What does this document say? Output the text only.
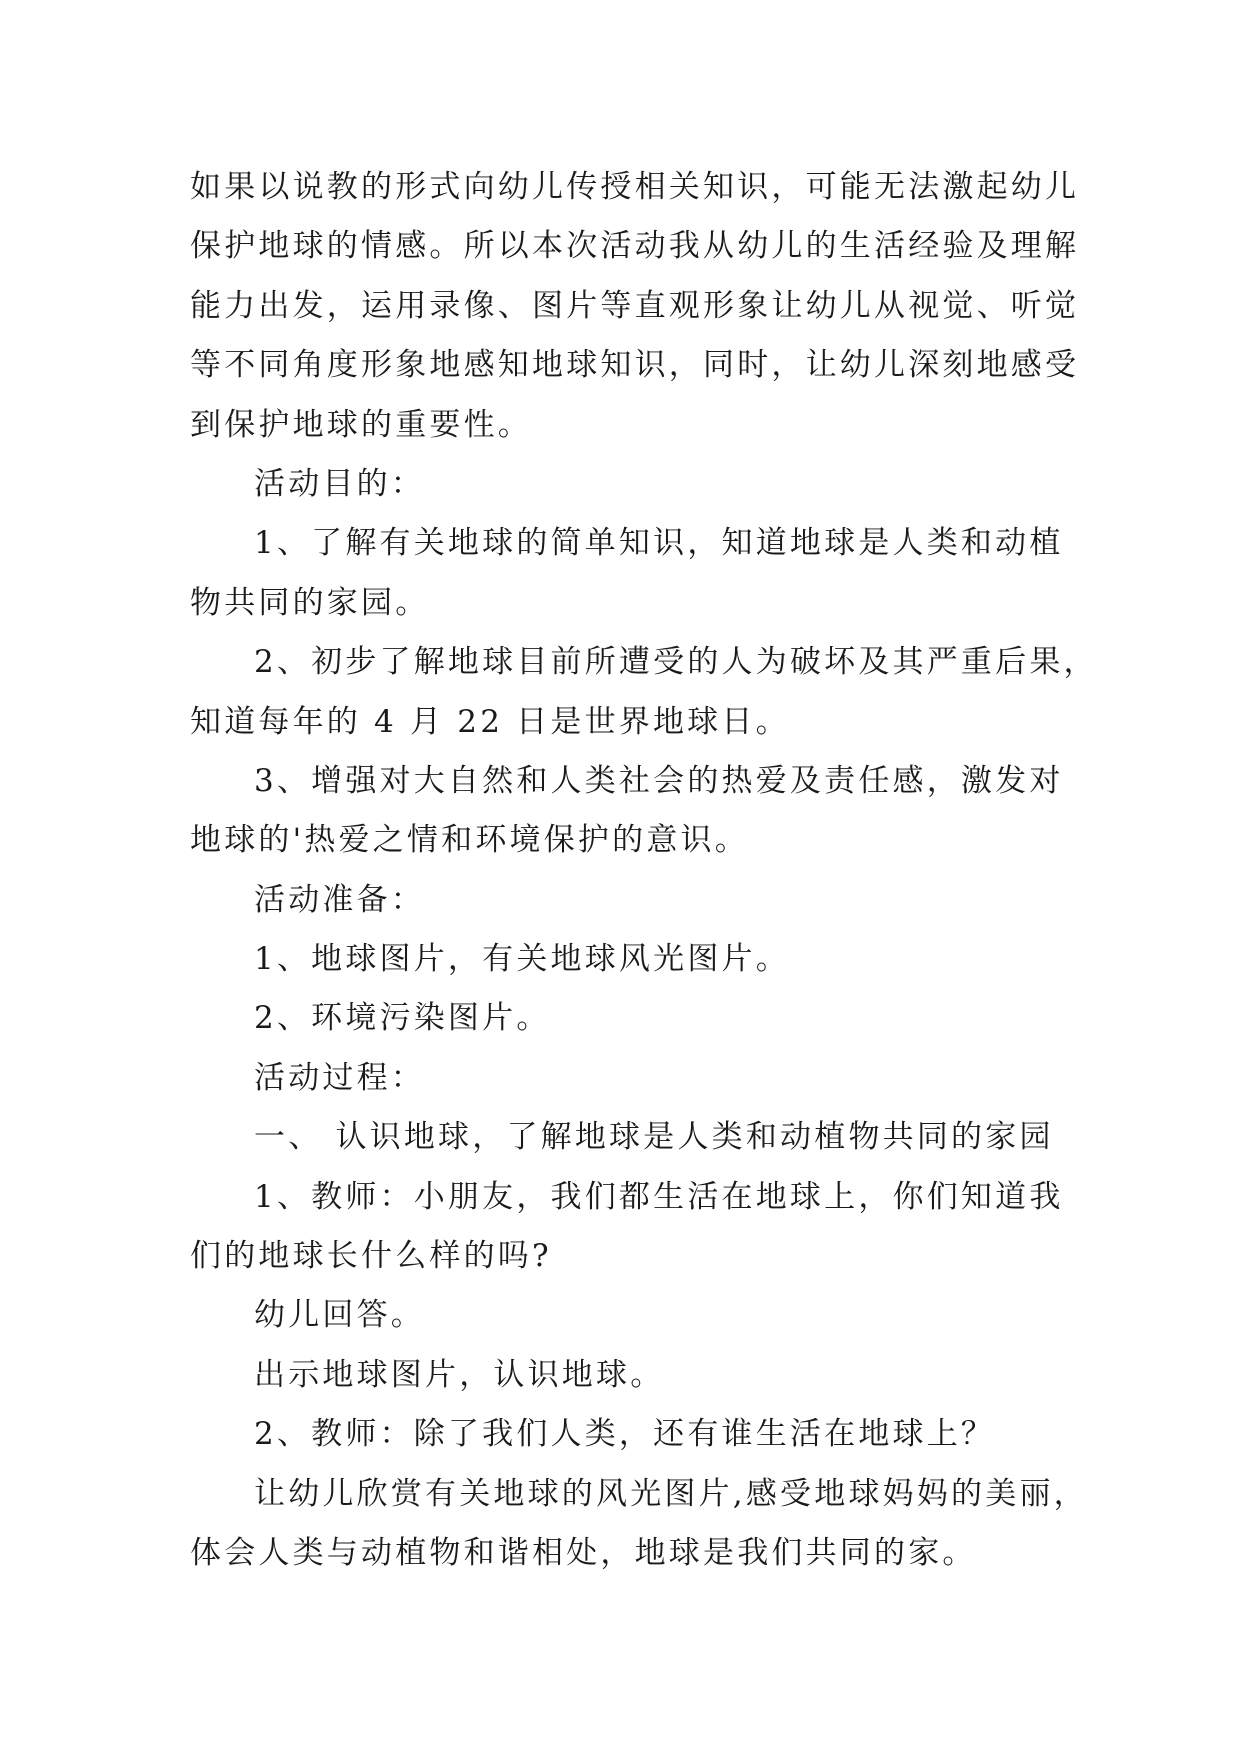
如果以说教的形式向幼儿传授相关知识，可能无法激起幼儿
保护地球的情感。所以本次活动我从幼儿的生活经验及理解
能力出发，运用录像、图片等直观形象让幼儿从视觉、听觉
等不同角度形象地感知地球知识，同时，让幼儿深刻地感受
到保护地球的重要性。
活动目的：
1、了解有关地球的简单知识，知道地球是人类和动植
物共同的家园。
2、初步了解地球目前所遭受的人为破坏及其严重后果，
知道每年的 4 月 22 日是世界地球日。
3、增强对大自然和人类社会的热爱及责任感，激发对
地球的'热爱之情和环境保护的意识。
活动准备：
1、地球图片，有关地球风光图片。
2、环境污染图片。
活动过程：
一、 认识地球，了解地球是人类和动植物共同的家园
1、教师：小朋友，我们都生活在地球上，你们知道我
们的地球长什么样的吗?
幼儿回答。
出示地球图片，认识地球。
2、教师：除了我们人类，还有谁生活在地球上？
让幼儿欣赏有关地球的风光图片,感受地球妈妈的美丽，
体会人类与动植物和谐相处，地球是我们共同的家。
